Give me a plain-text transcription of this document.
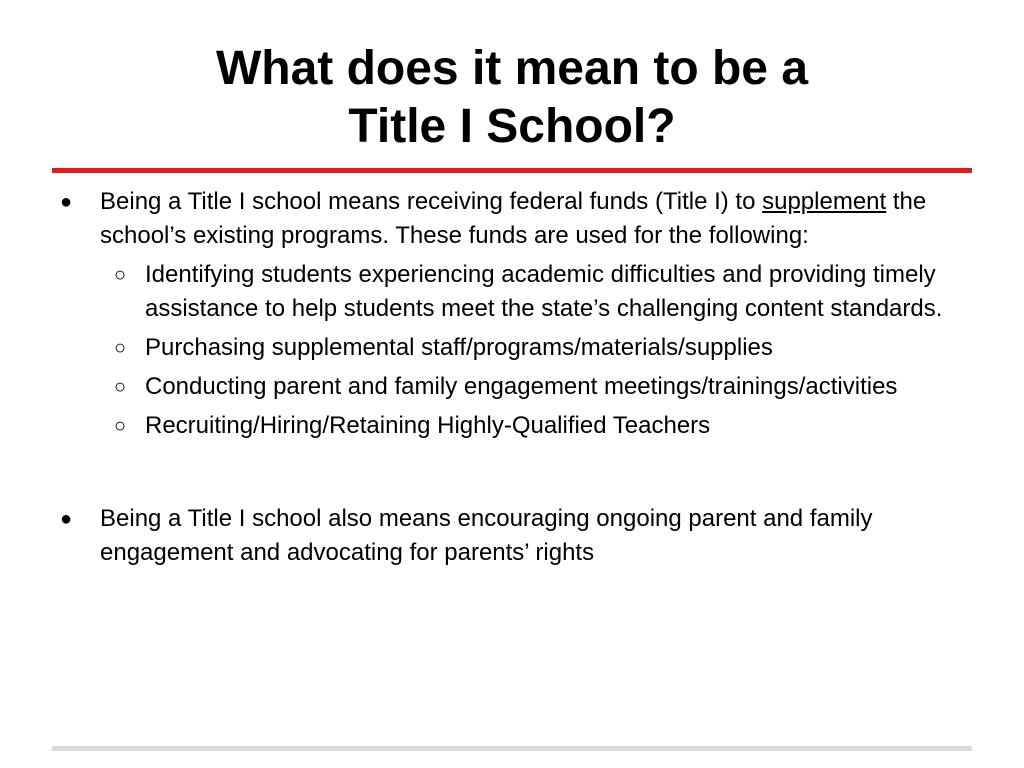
What does it mean to be a
Title I School?
●	Being a Title I school means receiving federal funds (Title I) to supplement the school’s existing programs. These funds are used for the following:
○ Identifying students experiencing academic difficulties and providing timely assistance to help students meet the state’s challenging content standards.
○ Purchasing supplemental staff/programs/materials/supplies
○ Conducting parent and family engagement meetings/trainings/activities
○ Recruiting/Hiring/Retaining Highly-Qualified Teachers
●	Being a Title I school also means encouraging ongoing parent and family engagement and advocating for parents’ rights
